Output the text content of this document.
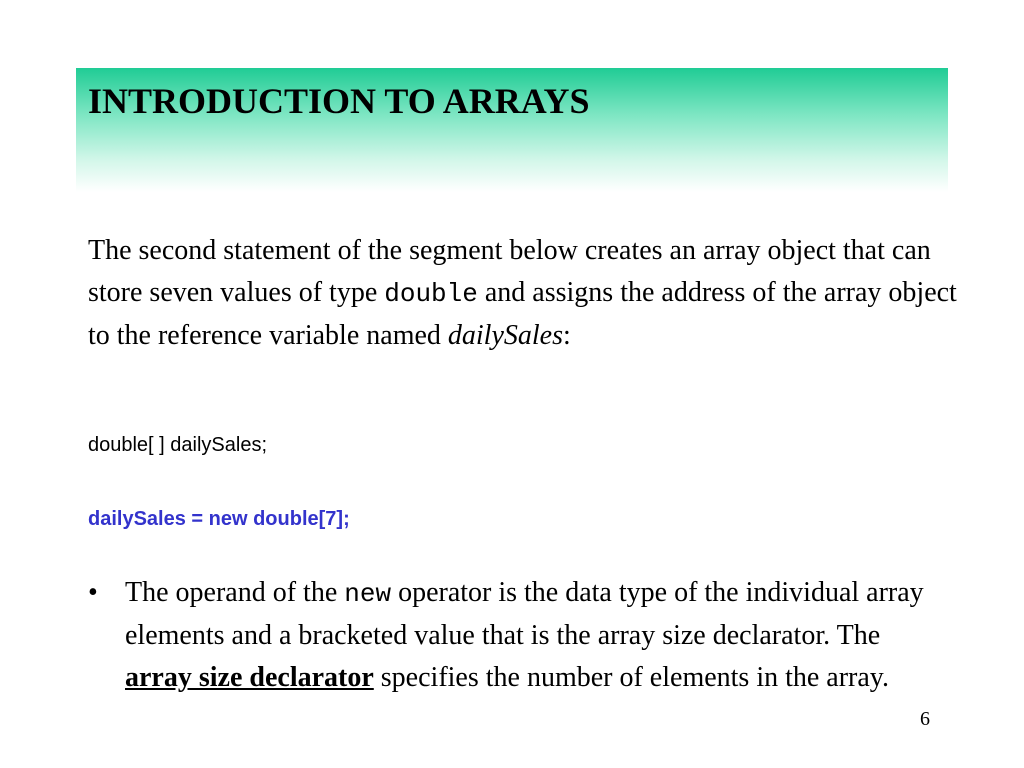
INTRODUCTION TO ARRAYS

The second statement of the segment below creates an array object that can store seven values of type double and assigns the address of the array object to the reference variable named dailySales:

double[ ] dailySales;

dailySales = new double[7];

• The operand of the new operator is the data type of the individual array elements and a bracketed value that is the array size declarator. The array size declarator specifies the number of elements in the array.

6
